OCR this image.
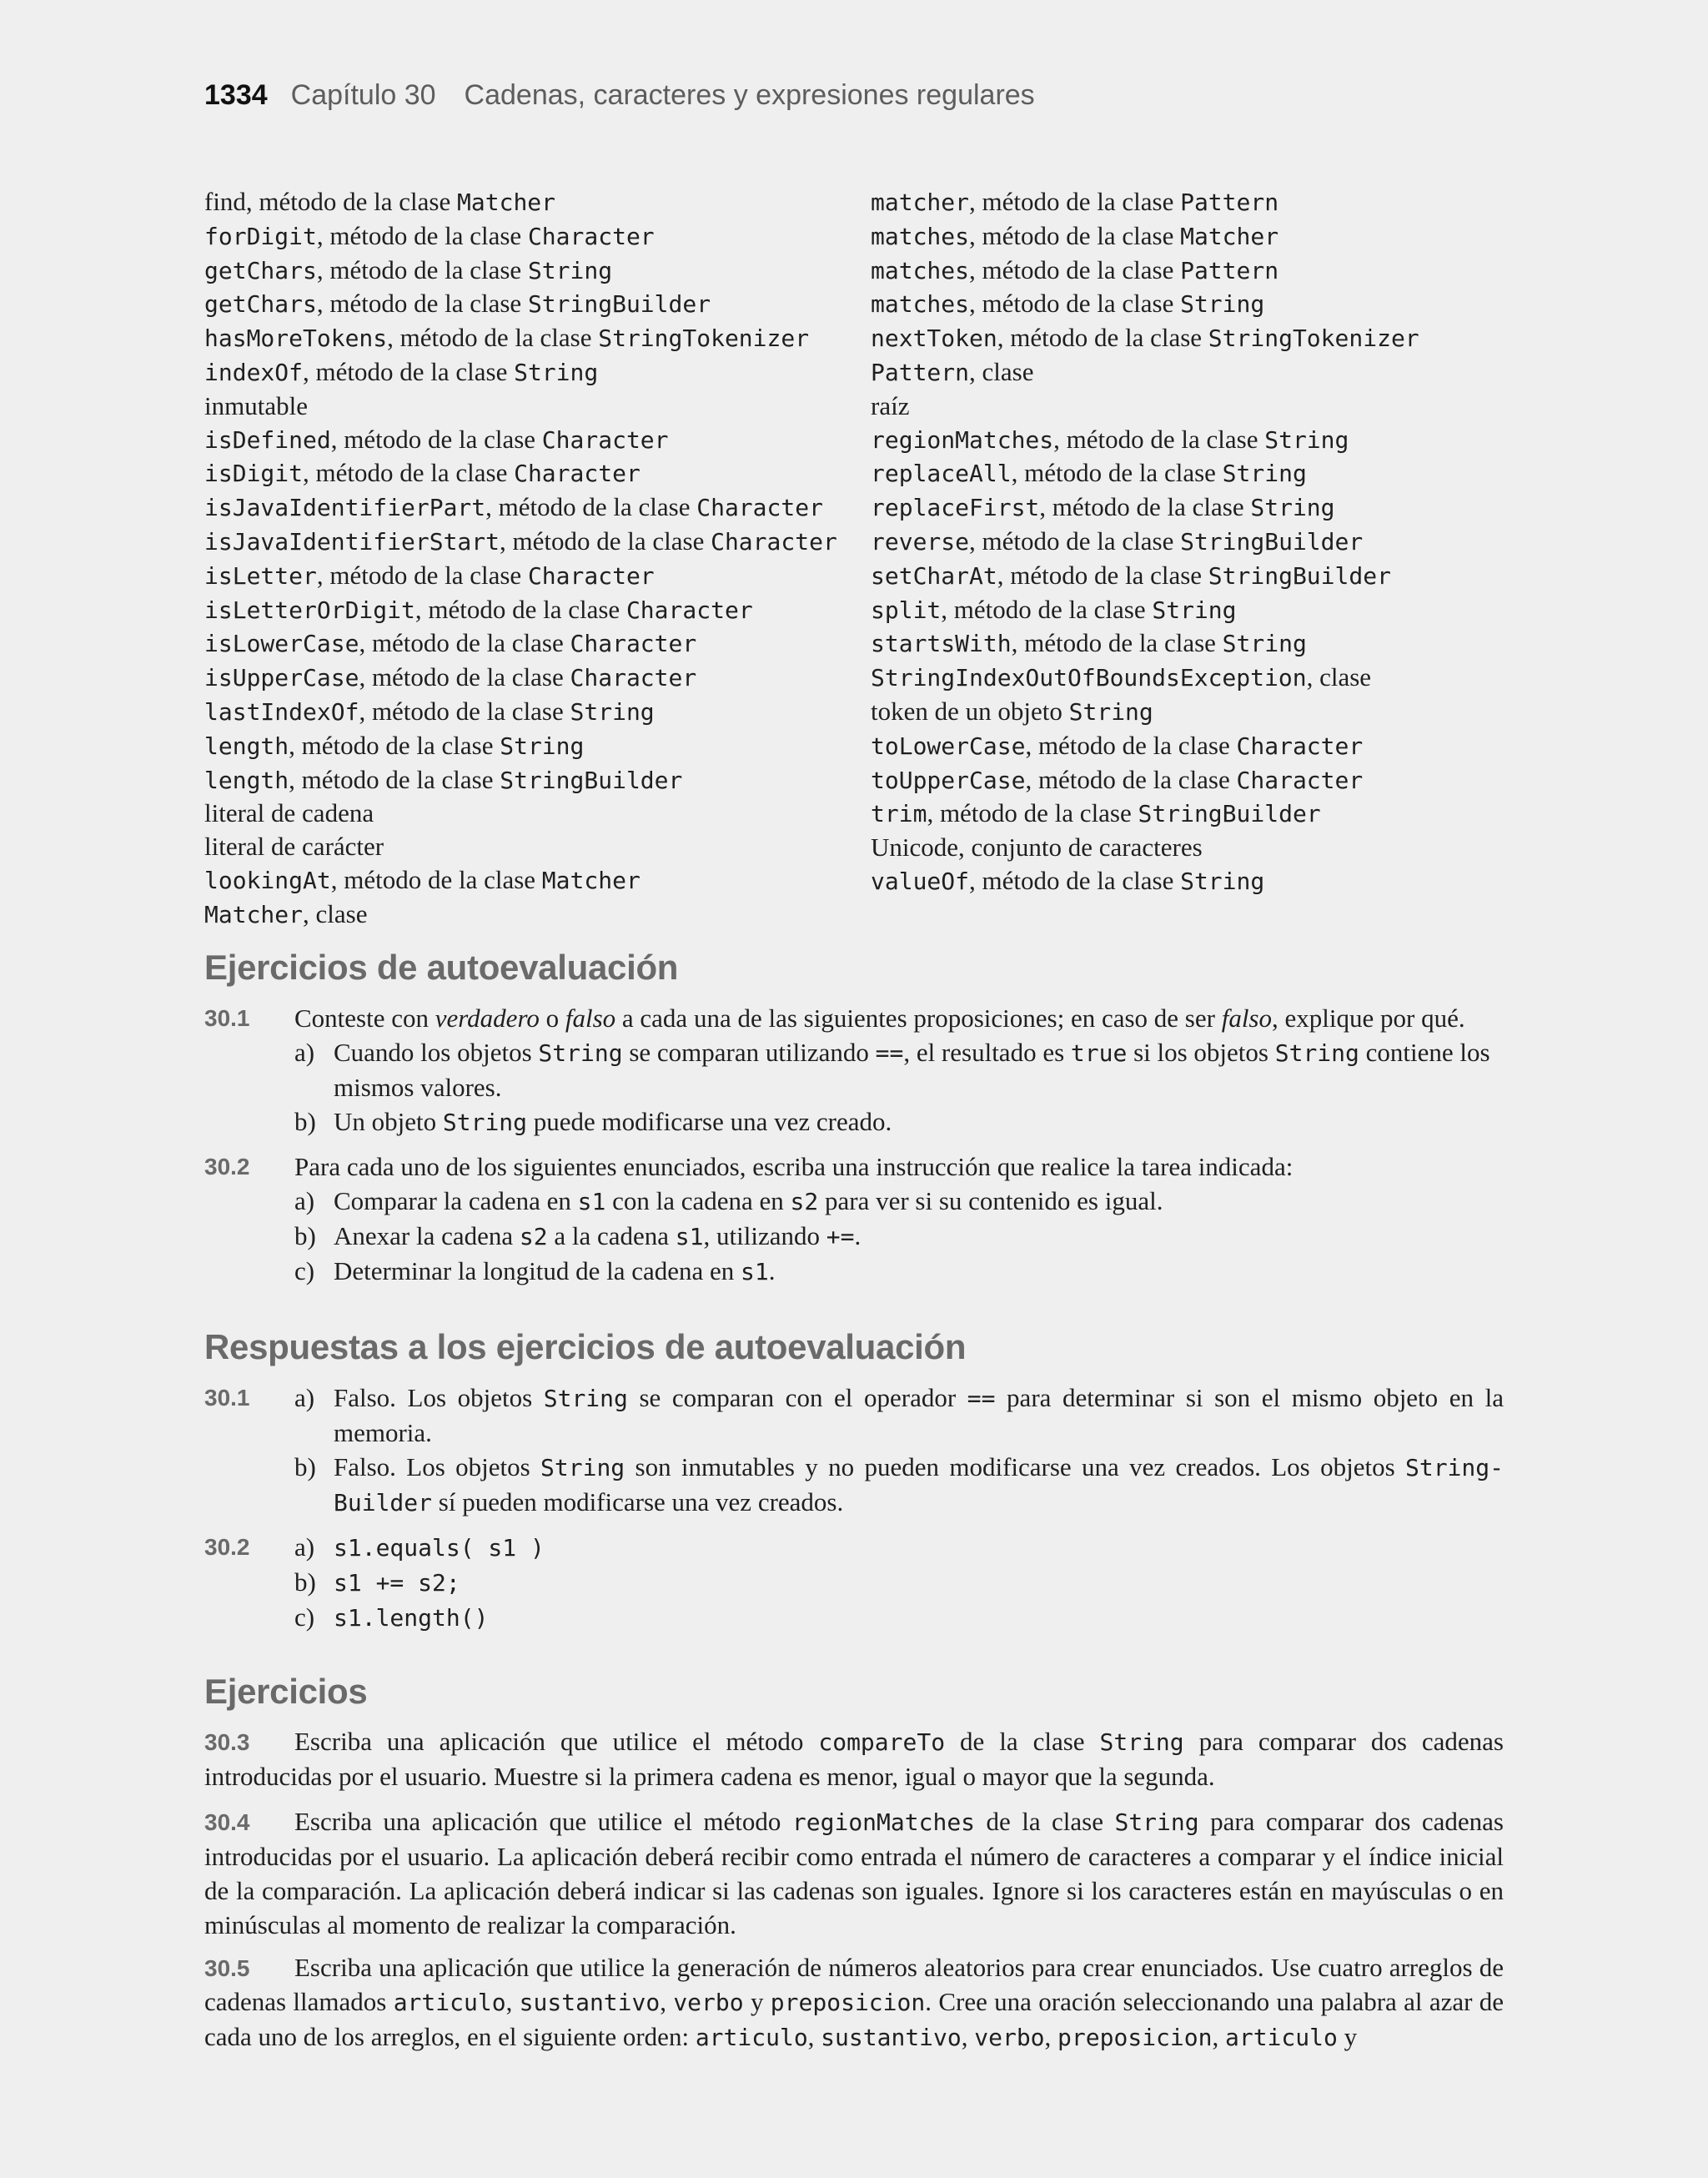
1334 Capítulo 30 Cadenas, caracteres y expresiones regulares
find, método de la clase Matcher
forDigit, método de la clase Character
getChars, método de la clase String
getChars, método de la clase StringBuilder
hasMoreTokens, método de la clase StringTokenizer
indexOf, método de la clase String
inmutable
isDefined, método de la clase Character
isDigit, método de la clase Character
isJavaIdentifierPart, método de la clase Character
isJavaIdentifierStart, método de la clase Character
isLetter, método de la clase Character
isLetterOrDigit, método de la clase Character
isLowerCase, método de la clase Character
isUpperCase, método de la clase Character
lastIndexOf, método de la clase String
length, método de la clase String
length, método de la clase StringBuilder
literal de cadena
literal de carácter
lookingAt, método de la clase Matcher
Matcher, clase
matcher, método de la clase Pattern
matches, método de la clase Matcher
matches, método de la clase Pattern
matches, método de la clase String
nextToken, método de la clase StringTokenizer
Pattern, clase
raíz
regionMatches, método de la clase String
replaceAll, método de la clase String
replaceFirst, método de la clase String
reverse, método de la clase StringBuilder
setCharAt, método de la clase StringBuilder
split, método de la clase String
startsWith, método de la clase String
StringIndexOutOfBoundsException, clase
token de un objeto String
toLowerCase, método de la clase Character
toUpperCase, método de la clase Character
trim, método de la clase StringBuilder
Unicode, conjunto de caracteres
valueOf, método de la clase String
Ejercicios de autoevaluación
30.1 Conteste con verdadero o falso a cada una de las siguientes proposiciones; en caso de ser falso, explique por qué.
a) Cuando los objetos String se comparan utilizando ==, el resultado es true si los objetos String contiene los mismos valores.
b) Un objeto String puede modificarse una vez creado.
30.2 Para cada uno de los siguientes enunciados, escriba una instrucción que realice la tarea indicada:
a) Comparar la cadena en s1 con la cadena en s2 para ver si su contenido es igual.
b) Anexar la cadena s2 a la cadena s1, utilizando +=.
c) Determinar la longitud de la cadena en s1.
Respuestas a los ejercicios de autoevaluación
30.1 a) Falso. Los objetos String se comparan con el operador == para determinar si son el mismo objeto en la memoria.
b) Falso. Los objetos String son inmutables y no pueden modificarse una vez creados. Los objetos String-Builder sí pueden modificarse una vez creados.
30.2 a) s1.equals( s1 )
b) s1 += s2;
c) s1.length()
Ejercicios
30.3	Escriba una aplicación que utilice el método compareTo de la clase String para comparar dos cadenas introducidas por el usuario. Muestre si la primera cadena es menor, igual o mayor que la segunda.
30.4	Escriba una aplicación que utilice el método regionMatches de la clase String para comparar dos cadenas introducidas por el usuario. La aplicación deberá recibir como entrada el número de caracteres a comparar y el índice inicial de la comparación. La aplicación deberá indicar si las cadenas son iguales. Ignore si los caracteres están en mayúsculas o en minúsculas al momento de realizar la comparación.
30.5	Escriba una aplicación que utilice la generación de números aleatorios para crear enunciados. Use cuatro arreglos de cadenas llamados articulo, sustantivo, verbo y preposicion. Cree una oración seleccionando una palabra al azar de cada uno de los arreglos, en el siguiente orden: articulo, sustantivo, verbo, preposicion, articulo y
